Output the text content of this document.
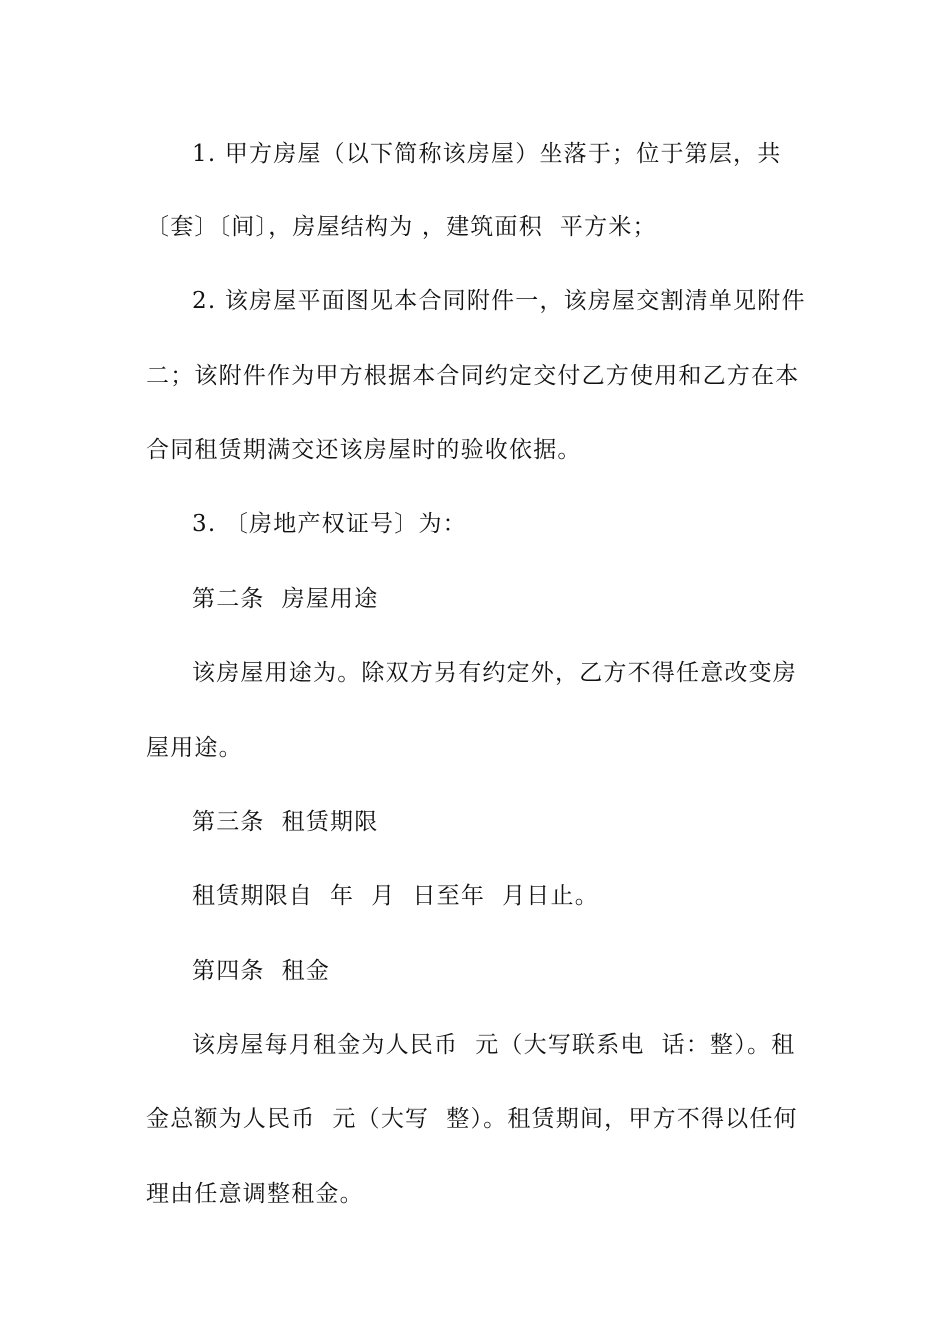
1. 甲方房屋（以下简称该房屋）坐落于；位于第层，共
〔套〕〔间〕，房屋结构为 ，建筑面积  平方米；
2. 该房屋平面图见本合同附件一，该房屋交割清单见附件
二；该附件作为甲方根据本合同约定交付乙方使用和乙方在本
合同租赁期满交还该房屋时的验收依据。
3. 〔房地产权证号〕为：
第二条  房屋用途
该房屋用途为。除双方另有约定外，乙方不得任意改变房
屋用途。
第三条  租赁期限
租赁期限自  年  月  日至年  月日止。
第四条  租金
该房屋每月租金为人民币  元（大写联系电  话：整）。租
金总额为人民币  元（大写  整）。租赁期间，甲方不得以任何
理由任意调整租金。
